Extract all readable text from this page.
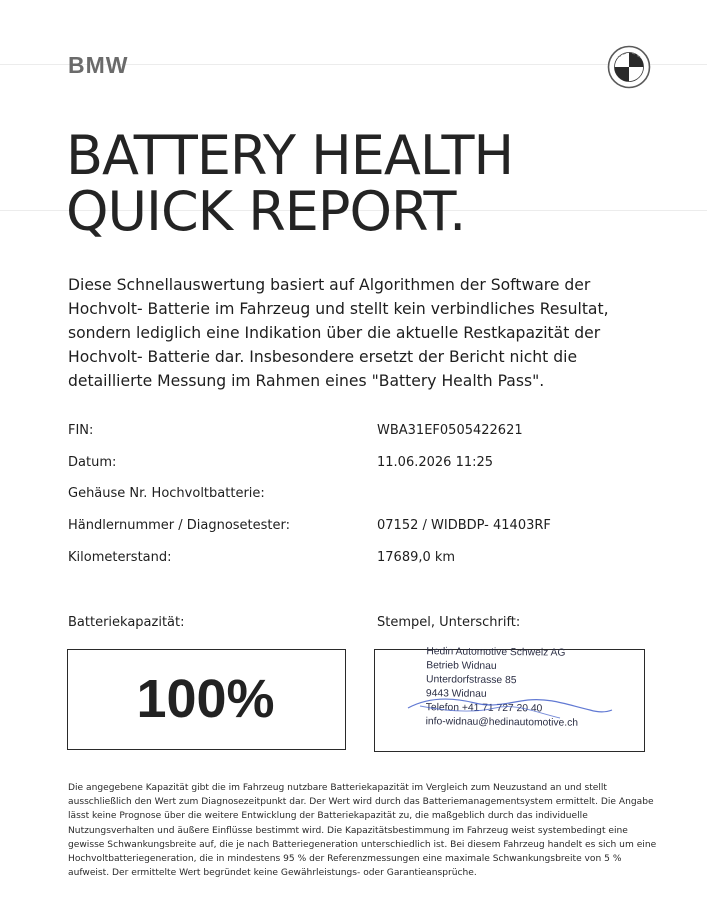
BMW
BATTERY HEALTH
QUICK REPORT.
Diese Schnellauswertung basiert auf Algorithmen der Software der Hochvolt- Batterie im Fahrzeug und stellt kein verbindliches Resultat, sondern lediglich eine Indikation über die aktuelle Restkapazität der Hochvolt- Batterie dar. Insbesondere ersetzt der Bericht nicht die detaillierte Messung im Rahmen eines "Battery Health Pass".
FIN:	WBA31EF0505422621
Datum:	11.06.2026 11:25
Gehäuse Nr. Hochvoltbatterie:
Händlernummer / Diagnosetester:	07152 / WIDBDP- 41403RF
Kilometerstand:	17689,0 km
Batteriekapazität:	Stempel, Unterschrift:
100%
Hedin Automotive Schweiz AG
Betrieb Widnau
Unterdorfstrasse 85
9443 Widnau
Telefon +41 71 727 20 40
info-widnau@hedinautomotive.ch
Die angegebene Kapazität gibt die im Fahrzeug nutzbare Batteriekapazität im Vergleich zum Neuzustand an und stellt ausschließlich den Wert zum Diagnosezeitpunkt dar. Der Wert wird durch das Batteriemanagementsystem ermittelt. Die Angabe lässt keine Prognose über die weitere Entwicklung der Batteriekapazität zu, die maßgeblich durch das individuelle Nutzungsverhalten und äußere Einflüsse bestimmt wird. Die Kapazitätsbestimmung im Fahrzeug weist systembedingt eine gewisse Schwankungsbreite auf, die je nach Batteriegeneration unterschiedlich ist. Bei diesem Fahrzeug handelt es sich um eine Hochvoltbatteriegeneration, die in mindestens 95 % der Referenzmessungen eine maximale Schwankungsbreite von 5 % aufweist. Der ermittelte Wert begründet keine Gewährleistungs- oder Garantieansprüche.
